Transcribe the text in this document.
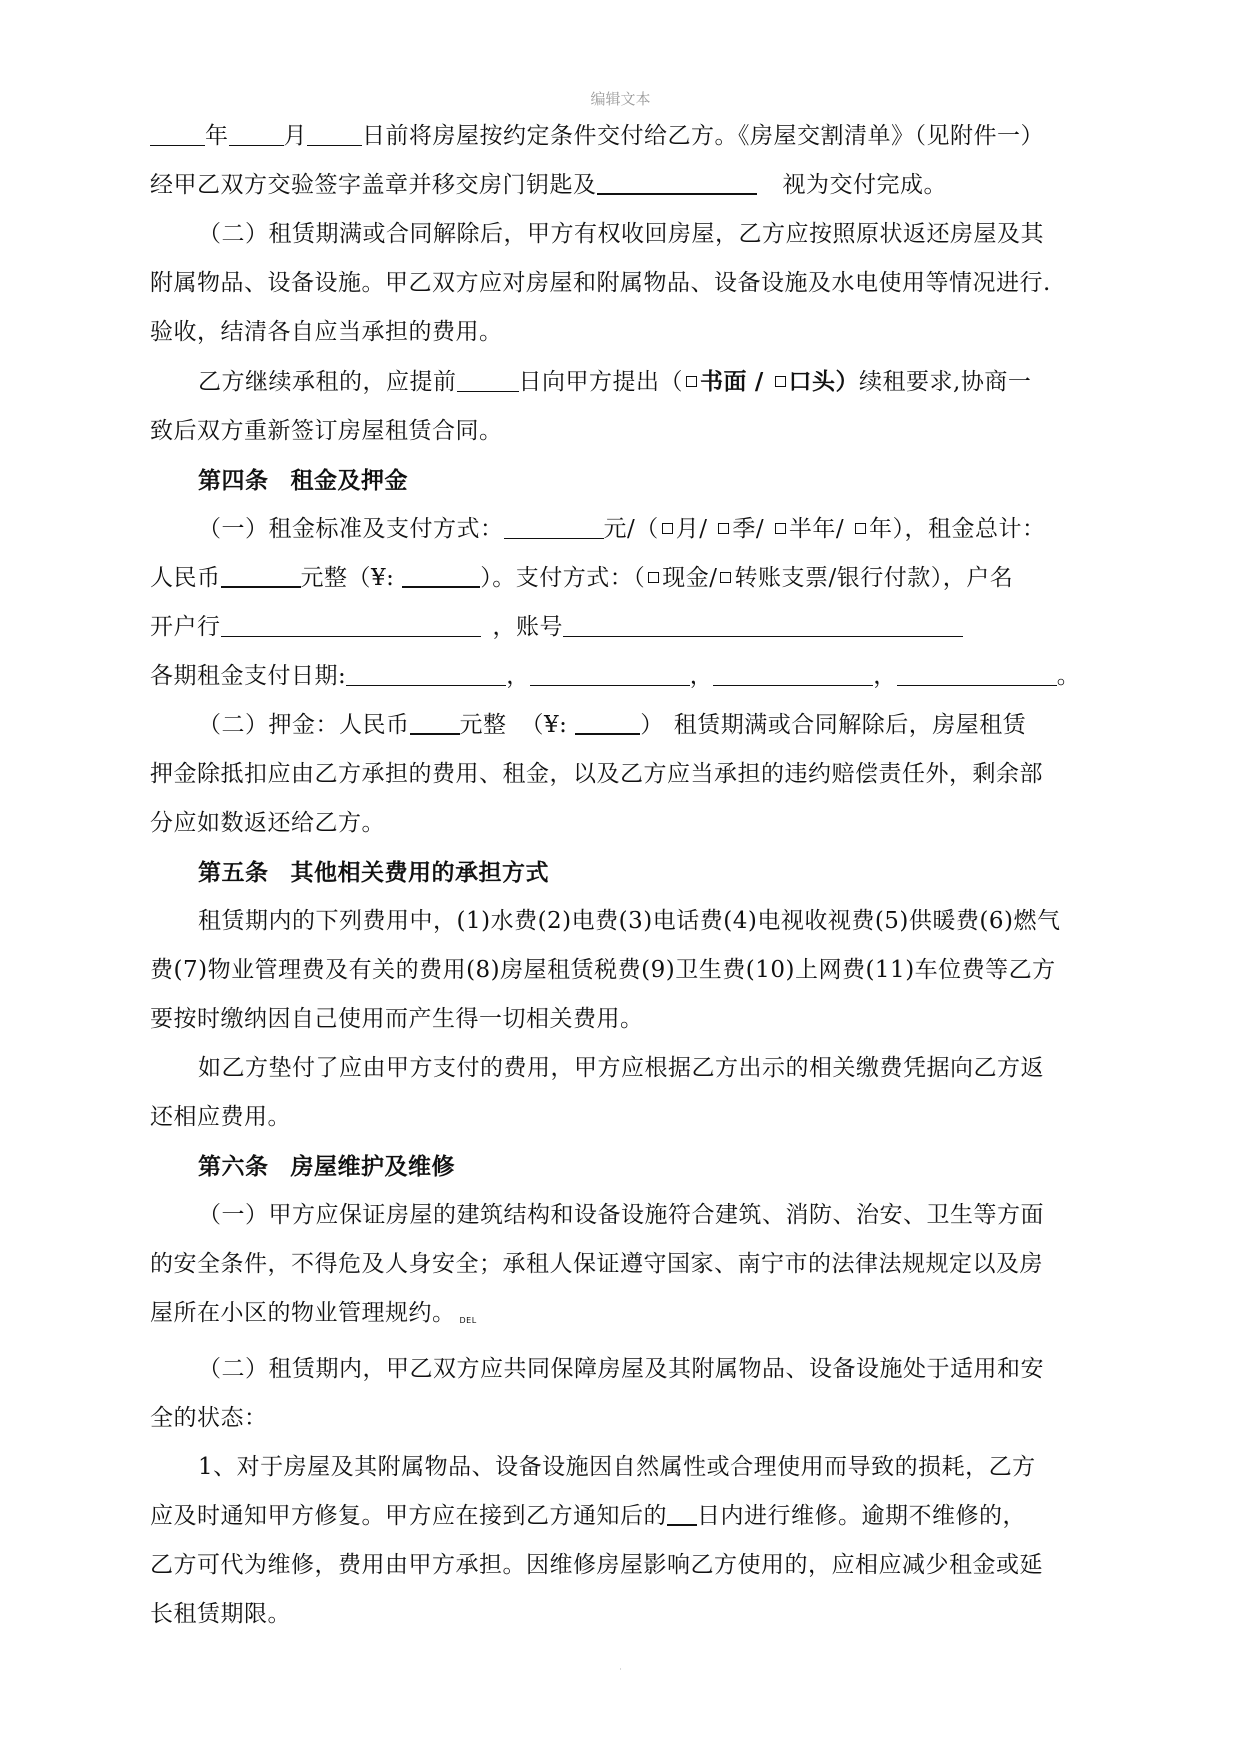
编辑文本

年 月 日前将房屋按约定条件交付给乙方。《房屋交割清单》（见附件一）

经甲乙双方交验签字盖章并移交房门钥匙及	视为交付完成。

（二）租赁期满或合同解除后，甲方有权收回房屋，乙方应按照原状返还房屋及其

附属物品、设备设施。甲乙双方应对房屋和附属物品、设备设施及水电使用等情况进行.

验收，结清各自应当承担的费用。

乙方继续承租的，应提前	日向甲方提出（ 书面 / 口头）续租要求,协商一

致后双方重新签订房屋租赁合同。

第四条 租金及押金

（一）租金标准及支付方式：	元/（ 月/ 季/ 半年/ 年），租金总计：

人民币	元整（¥:	）。支付方式：（ 现金/ 转账支票/银行付款），户名

开户行	，账号

各期租金支付日期:	，	，	，	。

（二）押金：人民币 元整 （¥:	） 租赁期满或合同解除后，房屋租赁

押金除抵扣应由乙方承担的费用、租金，以及乙方应当承担的违约赔偿责任外，剩余部

分应如数返还给乙方。

第五条 其他相关费用的承担方式

租赁期内的下列费用中，(1)水费(2)电费(3)电话费(4)电视收视费(5)供暖费(6)燃气

费(7)物业管理费及有关的费用(8)房屋租赁税费(9)卫生费(10)上网费(11)车位费等乙方

要按时缴纳因自己使用而产生得一切相关费用。

如乙方垫付了应由甲方支付的费用，甲方应根据乙方出示的相关缴费凭据向乙方返

还相应费用。

第六条 房屋维护及维修

（一）甲方应保证房屋的建筑结构和设备设施符合建筑、消防、治安、卫生等方面

的安全条件，不得危及人身安全；承租人保证遵守国家、南宁市的法律法规规定以及房

屋所在小区的物业管理规约。 DEL

（二）租赁期内，甲乙双方应共同保障房屋及其附属物品、设备设施处于适用和安

全的状态：

1、对于房屋及其附属物品、设备设施因自然属性或合理使用而导致的损耗，乙方

应及时通知甲方修复。甲方应在接到乙方通知后的 日内进行维修。逾期不维修的，

乙方可代为维修，费用由甲方承担。因维修房屋影响乙方使用的，应相应减少租金或延

长租赁期限。

·
